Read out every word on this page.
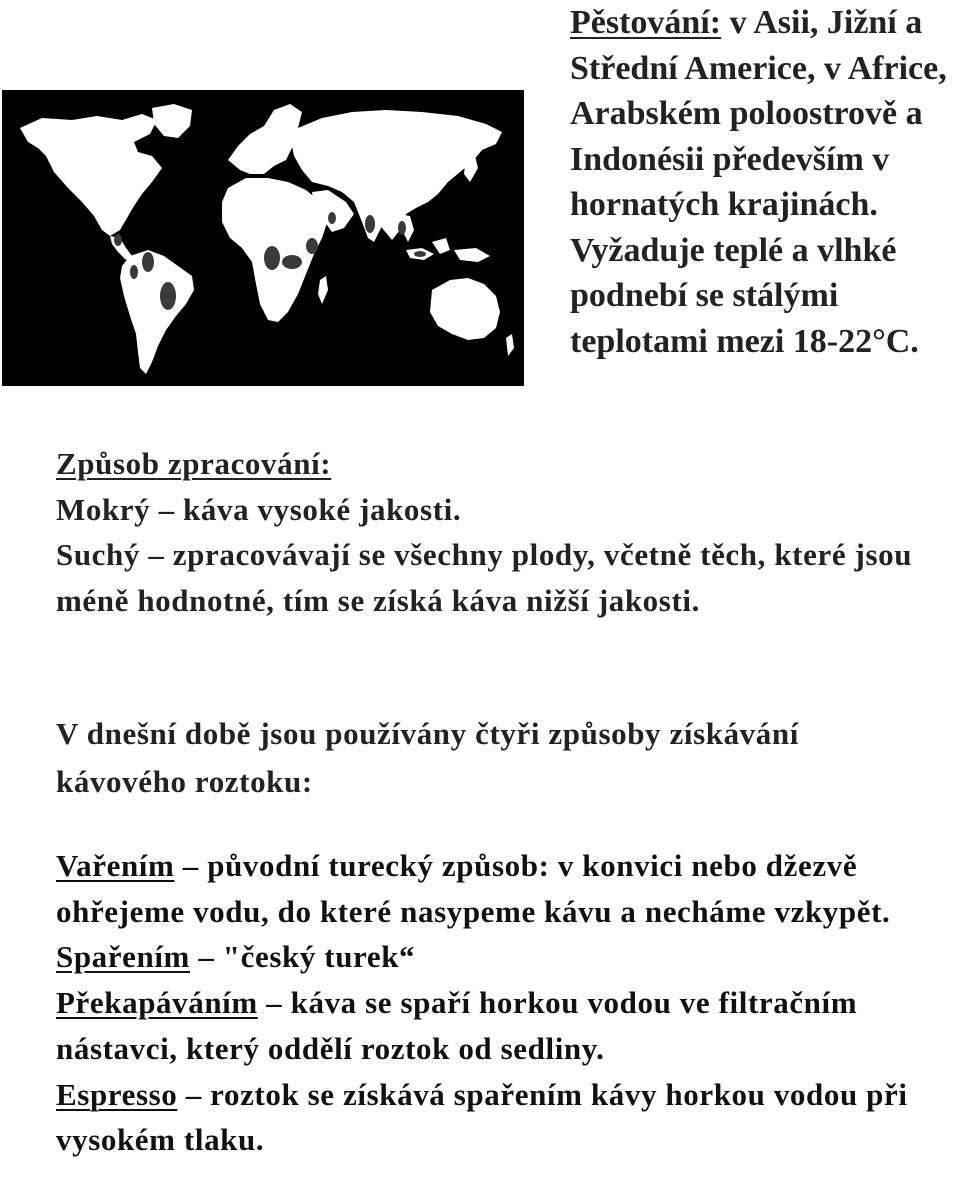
Pěstování: v Asii, Jižní a Střední Americe, v Africe, Arabském poloostrově a Indonésii především v hornatých krajinách. Vyžaduje teplé a vlhké podnebí se stálými teplotami mezi 18-22°C.

Způsob zpracování:

Mokrý – káva vysoké jakosti.

Suchý – zpracovávají se všechny plody, včetně těch, které jsou méně hodnotné, tím se získá káva nižší jakosti.

V dnešní době jsou používány čtyři způsoby získávání kávového roztoku:

Vařením – původní turecký způsob: v konvici nebo džezvě ohřejeme vodu, do které nasypeme kávu a necháme vzkypět.

Spařením – "český turek“

Překapáváním – káva se spaří horkou vodou ve filtračním nástavci, který oddělí roztok od sedliny.

Espresso – roztok se získává spařením kávy horkou vodou při vysokém tlaku.
